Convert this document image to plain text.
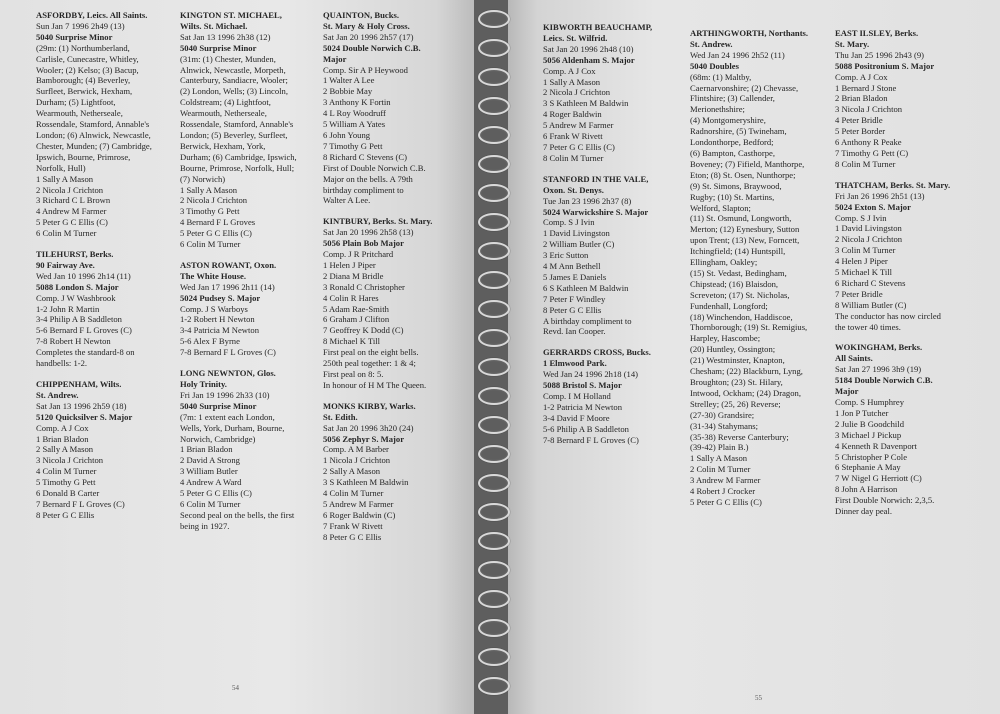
ASFORDBY, Leics. All Saints.
Sun Jan 7 1996 2h49 (13)
5040 Surprise Minor
(29m: (1) Northumberland,
Carlisle, Cunecastre, Whitley,
Wooler; (2) Kelso; (3) Bacup,
Bamborough; (4) Beverley,
Surfleet, Berwick, Hexham,
Durham; (5) Lightfoot,
Wearmouth, Netherseale,
Rossendale, Stamford, Annable's
London; (6) Alnwick, Newcastle,
Chester, Munden; (7) Cambridge,
Ipswich, Bourne, Primrose,
Norfolk, Hull)
1 Sally A Mason
2 Nicola J Crichton
3 Richard C L Brown
4 Andrew M Farmer
5 Peter G C Ellis (C)
6 Colin M Turner
TILEHURST, Berks.
90 Fairway Ave.
Wed Jan 10 1996 2h14 (11)
5088 London S. Major
Comp. J W Washbrook
1-2 John R Martin
3-4 Philip A B Saddleton
5-6 Bernard F L Groves (C)
7-8 Robert H Newton
Completes the standard-8 on
handbells: 1-2.
CHIPPENHAM, Wilts.
St. Andrew.
Sat Jan 13 1996 2h59 (18)
5120 Quicksilver S. Major
Comp. A J Cox
1 Brian Bladon
2 Sally A Mason
3 Nicola J Crichton
4 Colin M Turner
5 Timothy G Pett
6 Donald B Carter
7 Bernard F L Groves (C)
8 Peter G C Ellis
KINGTON ST. MICHAEL,
Wilts. St. Michael.
Sat Jan 13 1996 2h38 (12)
5040 Surprise Minor
(31m: (1) Chester, Munden,
Alnwick, Newcastle, Morpeth,
Canterbury, Sandiacre, Wooler;
(2) London, Wells; (3) Lincoln,
Coldstream; (4) Lightfoot,
Wearmouth, Netherseale,
Rossendale, Stamford, Annable's
London; (5) Beverley, Surfleet,
Berwick, Hexham, York,
Durham; (6) Cambridge, Ipswich,
Bourne, Primrose, Norfolk, Hull;
(7) Norwich)
1 Sally A Mason
2 Nicola J Crichton
3 Timothy G Pett
4 Bernard F L Groves
5 Peter G C Ellis (C)
6 Colin M Turner
ASTON ROWANT, Oxon.
The White House.
Wed Jan 17 1996 2h11 (14)
5024 Pudsey S. Major
Comp. J S Warboys
1-2 Robert H Newton
3-4 Patricia M Newton
5-6 Alex F Byrne
7-8 Bernard F L Groves (C)
LONG NEWNTON, Glos.
Holy Trinity.
Fri Jan 19 1996 2h33 (10)
5040 Surprise Minor
(7m: 1 extent each London,
Wells, York, Durham, Bourne,
Norwich, Cambridge)
1 Brian Bladon
2 David A Strong
3 William Butler
4 Andrew A Ward
5 Peter G C Ellis (C)
6 Colin M Turner
Second peal on the bells, the first
being in 1927.
QUAINTON, Bucks.
St. Mary & Holy Cross.
Sat Jan 20 1996 2h57 (17)
5024 Double Norwich C.B.
Major
Comp. Sir A P Heywood
1 Walter A Lee
2 Bobbie May
3 Anthony K Fortin
4 L Roy Woodruff
5 William A Yates
6 John Young
7 Timothy G Pett
8 Richard C Stevens (C)
First of Double Norwich C.B.
Major on the bells. A 79th
birthday compliment to
Walter A Lee.
KINTBURY, Berks. St. Mary.
Sat Jan 20 1996 2h58 (13)
5056 Plain Bob Major
Comp. J R Pritchard
1 Helen J Piper
2 Diana M Bridle
3 Ronald C Christopher
4 Colin R Hares
5 Adam Rae-Smith
6 Graham J Clifton
7 Geoffrey K Dodd (C)
8 Michael K Till
First peal on the eight bells.
250th peal together: 1 & 4;
First peal on 8: 5.
In honour of H M The Queen.
MONKS KIRBY, Warks.
St. Edith.
Sat Jan 20 1996 3h20 (24)
5056 Zephyr S. Major
Comp. A M Barber
1 Nicola J Crichton
2 Sally A Mason
3 S Kathleen M Baldwin
4 Colin M Turner
5 Andrew M Farmer
6 Roger Baldwin (C)
7 Frank W Rivett
8 Peter G C Ellis
54
KIBWORTH BEAUCHAMP,
Leics. St. Wilfrid.
Sat Jan 20 1996 2h48 (10)
5056 Aldenham S. Major
Comp. A J Cox
1 Sally A Mason
2 Nicola J Crichton
3 S Kathleen M Baldwin
4 Roger Baldwin
5 Andrew M Farmer
6 Frank W Rivett
7 Peter G C Ellis (C)
8 Colin M Turner
STANFORD IN THE VALE,
Oxon. St. Denys.
Tue Jan 23 1996 2h37 (8)
5024 Warwickshire S. Major
Comp. S J Ivin
1 David Livingston
2 William Butler (C)
3 Eric Sutton
4 M Ann Bethell
5 James E Daniels
6 S Kathleen M Baldwin
7 Peter F Windley
8 Peter G C Ellis
A birthday compliment to
Revd. Ian Cooper.
GERRARDS CROSS, Bucks.
1 Elmwood Park.
Wed Jan 24 1996 2h18 (14)
5088 Bristol S. Major
Comp. I M Holland
1-2 Patricia M Newton
3-4 David F Moore
5-6 Philip A B Saddleton
7-8 Bernard F L Groves (C)
ARTHINGWORTH, Northants.
St. Andrew.
Wed Jan 24 1996 2h52 (11)
5040 Doubles
(68m: (1) Maltby,
Caernarvonshire; (2) Chevasse,
Flintshire; (3) Callender,
Merionethshire;
(4) Montgomeryshire,
Radnorshire, (5) Twineham,
Londonthorpe, Bedford;
(6) Bampton, Casthorpe,
Boveney; (7) Fifield, Manthorpe,
Eton; (8) St. Osen, Nunthorpe;
(9) St. Simons, Braywood,
Rugby; (10) St. Martins,
Welford, Slapton;
(11) St. Osmund, Longworth,
Merton; (12) Eynesbury, Sutton
upon Trent; (13) New, Forncett,
Itchingfield; (14) Huntspill,
Ellingham, Oakley;
(15) St. Vedast, Bedingham,
Chipstead; (16) Blaisdon,
Screveton; (17) St. Nicholas,
Fundenhall, Longford;
(18) Winchendon, Haddiscoe,
Thornborough; (19) St. Remigius,
Harpley, Hascombe;
(20) Huntley, Ossington;
(21) Westminster, Knapton,
Chesham; (22) Blackburn, Lyng,
Broughton; (23) St. Hilary,
Intwood, Ockham; (24) Dragon,
Strelley; (25, 26) Reverse;
(27-30) Grandsire;
(31-34) Stahymans;
(35-38) Reverse Canterbury;
(39-42) Plain B.)
1 Sally A Mason
2 Colin M Turner
3 Andrew M Farmer
4 Robert J Crocker
5 Peter G C Ellis (C)
EAST ILSLEY, Berks.
St. Mary.
Thu Jan 25 1996 2h43 (9)
5088 Positronium S. Major
Comp. A J Cox
1 Bernard J Stone
2 Brian Bladon
3 Nicola J Crichton
4 Peter Bridle
5 Peter Border
6 Anthony R Peake
7 Timothy G Pett (C)
8 Colin M Turner
THATCHAM, Berks. St. Mary.
Fri Jan 26 1996 2h51 (13)
5024 Exton S. Major
Comp. S J Ivin
1 David Livingston
2 Nicola J Crichton
3 Colin M Turner
4 Helen J Piper
5 Michael K Till
6 Richard C Stevens
7 Peter Bridle
8 William Butler (C)
The conductor has now circled
the tower 40 times.
WOKINGHAM, Berks.
All Saints.
Sat Jan 27 1996 3h9 (19)
5184 Double Norwich C.B.
Major
Comp. S Humphrey
1 Jon P Tutcher
2 Julie B Goodchild
3 Michael J Pickup
4 Kenneth R Davenport
5 Christopher P Cole
6 Stephanie A May
7 W Nigel G Herriott (C)
8 John A Harrison
First Double Norwich: 2,3,5.
Dinner day peal.
55
